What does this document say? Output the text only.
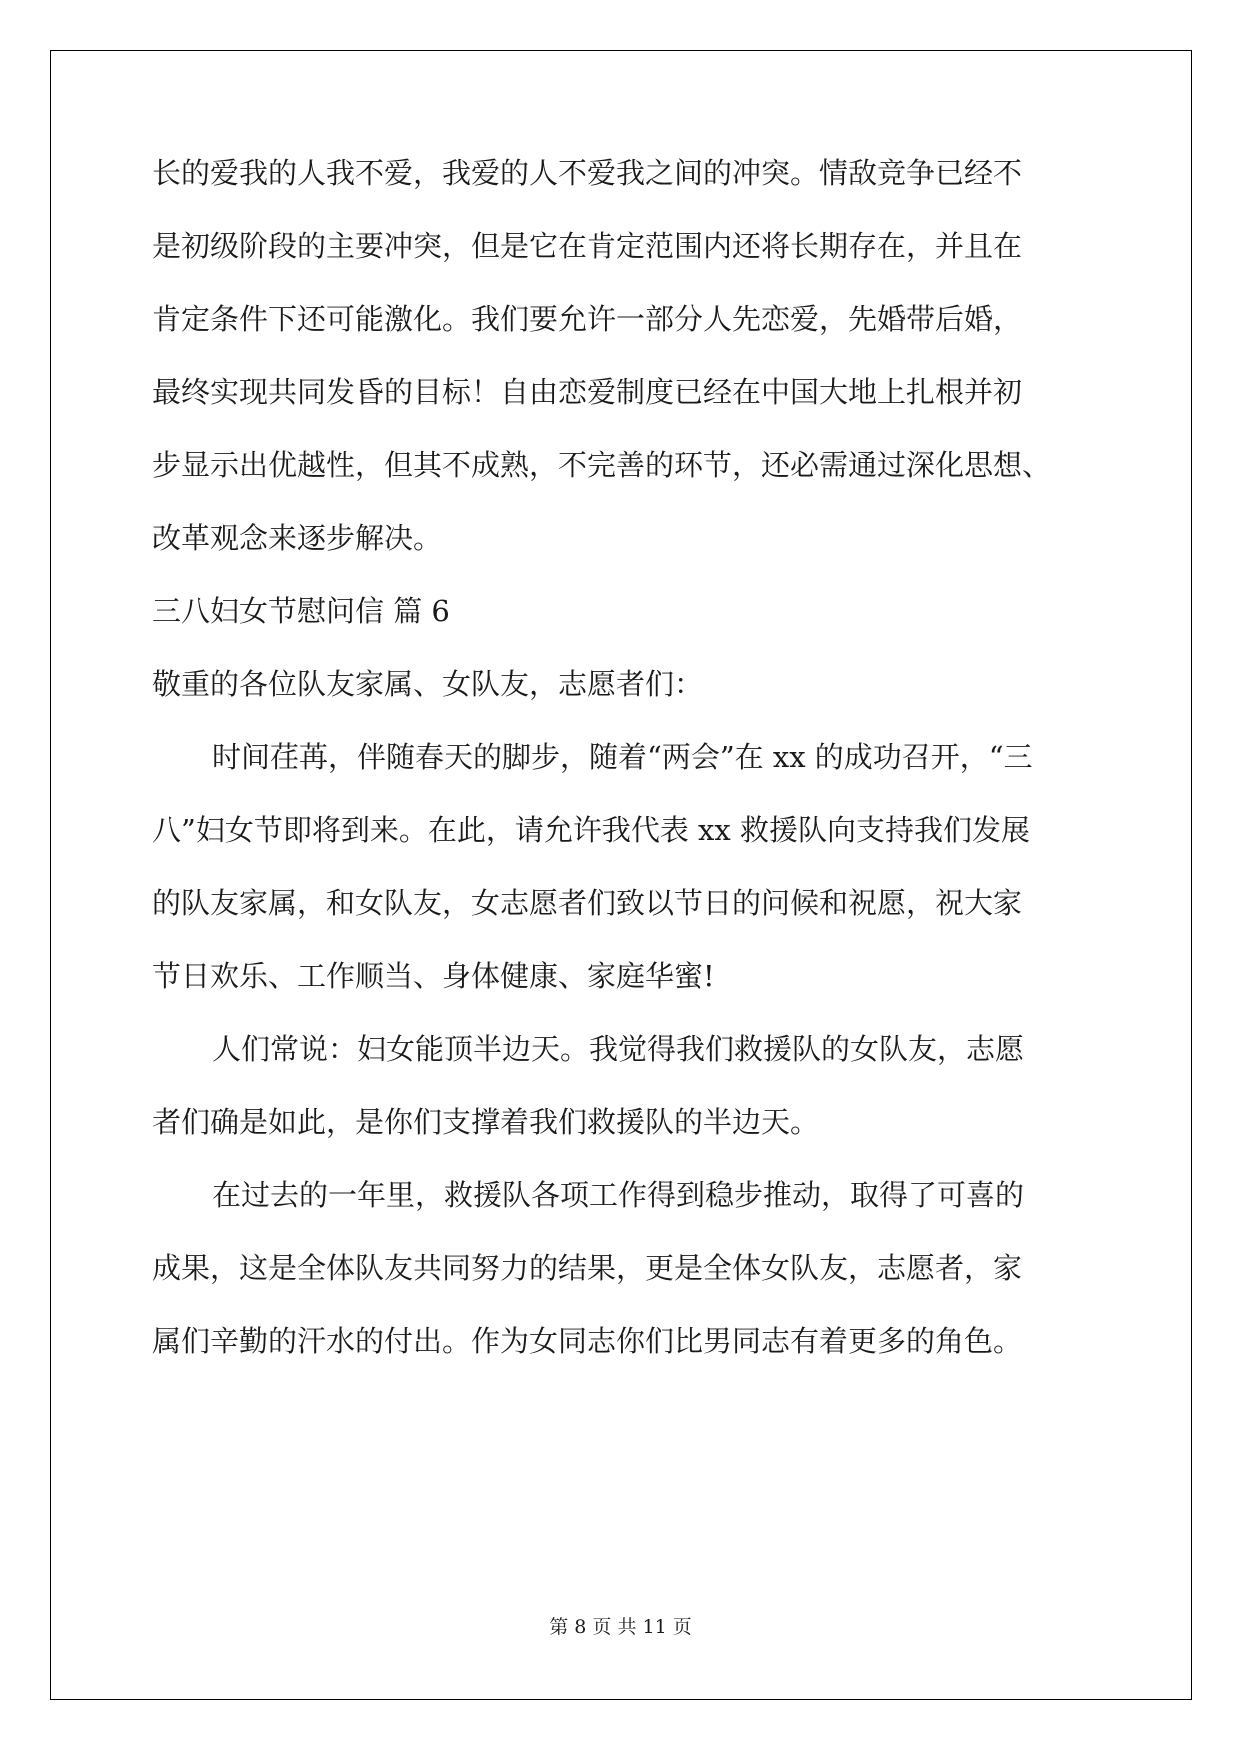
长的爱我的人我不爱，我爱的人不爱我之间的冲突。情敌竞争已经不
是初级阶段的主要冲突，但是它在肯定范围内还将长期存在，并且在
肯定条件下还可能激化。我们要允许一部分人先恋爱，先婚带后婚，
最终实现共同发昏的目标！自由恋爱制度已经在中国大地上扎根并初
步显示出优越性，但其不成熟，不完善的环节，还必需通过深化思想、
改革观念来逐步解决。
三八妇女节慰问信 篇 6
敬重的各位队友家属、女队友，志愿者们：
时间荏苒，伴随春天的脚步，随着“两会”在 xx 的成功召开，“三
八”妇女节即将到来。在此，请允许我代表 xx 救援队向支持我们发展
的队友家属，和女队友，女志愿者们致以节日的问候和祝愿，祝大家
节日欢乐、工作顺当、身体健康、家庭华蜜!
人们常说：妇女能顶半边天。我觉得我们救援队的女队友，志愿
者们确是如此，是你们支撑着我们救援队的半边天。
在过去的一年里，救援队各项工作得到稳步推动，取得了可喜的
成果，这是全体队友共同努力的结果，更是全体女队友，志愿者，家
属们辛勤的汗水的付出。作为女同志你们比男同志有着更多的角色。
第 8 页 共 11 页
